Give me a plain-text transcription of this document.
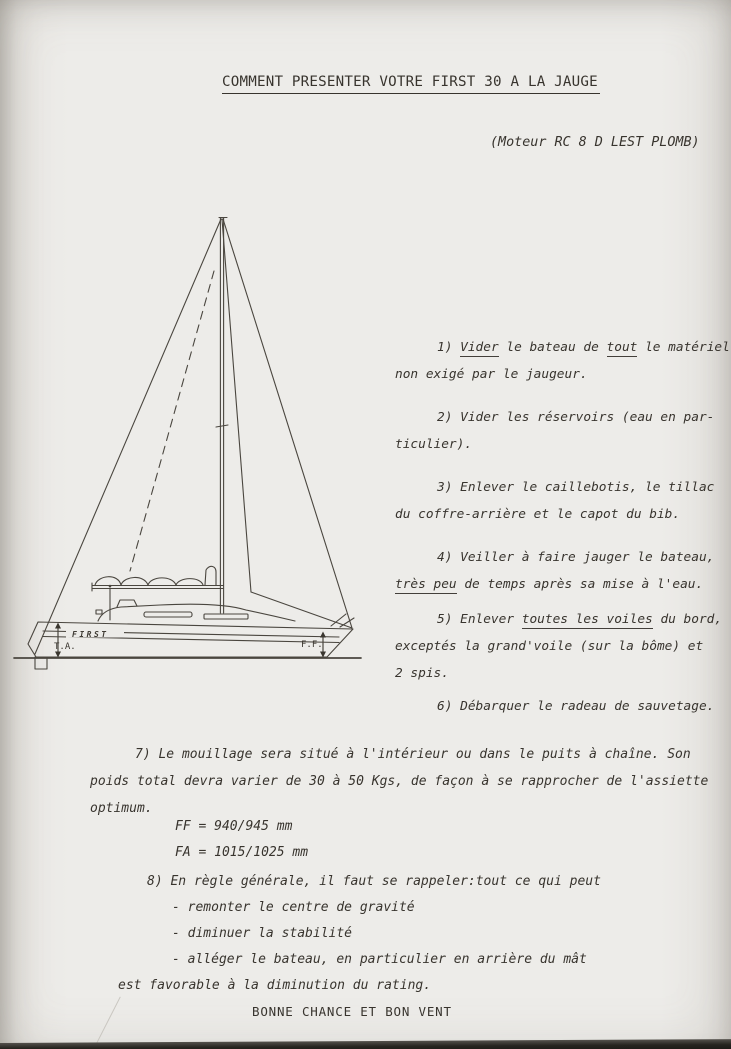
COMMENT PRESENTER VOTRE FIRST 30 A LA JAUGE
(Moteur RC 8 D LEST PLOMB)
FIRST
T.A.	F.F.
1) Vider le bateau de tout le matériel
non exigé par le jaugeur.
2) Vider les réservoirs (eau en par-
ticulier).
3) Enlever le caillebotis, le tillac
du coffre-arrière et le capot du bib.
4) Veiller à faire jauger le bateau,
très peu de temps après sa mise à l'eau.
5) Enlever toutes les voiles du bord,
exceptés la grand'voile (sur la bôme) et
2 spis.
6) Débarquer le radeau de sauvetage.
7) Le mouillage sera situé à l'intérieur ou dans le puits à chaîne. Son
poids total devra varier de 30 à 50 Kgs, de façon à se rapprocher de l'assiette
optimum.
FF = 940/945 mm
FA = 1015/1025 mm
8) En règle générale, il faut se rappeler:tout ce qui peut
- remonter le centre de gravité
- diminuer la stabilité
- alléger le bateau, en particulier en arrière du mât
est favorable à la diminution du rating.
BONNE CHANCE ET BON VENT
